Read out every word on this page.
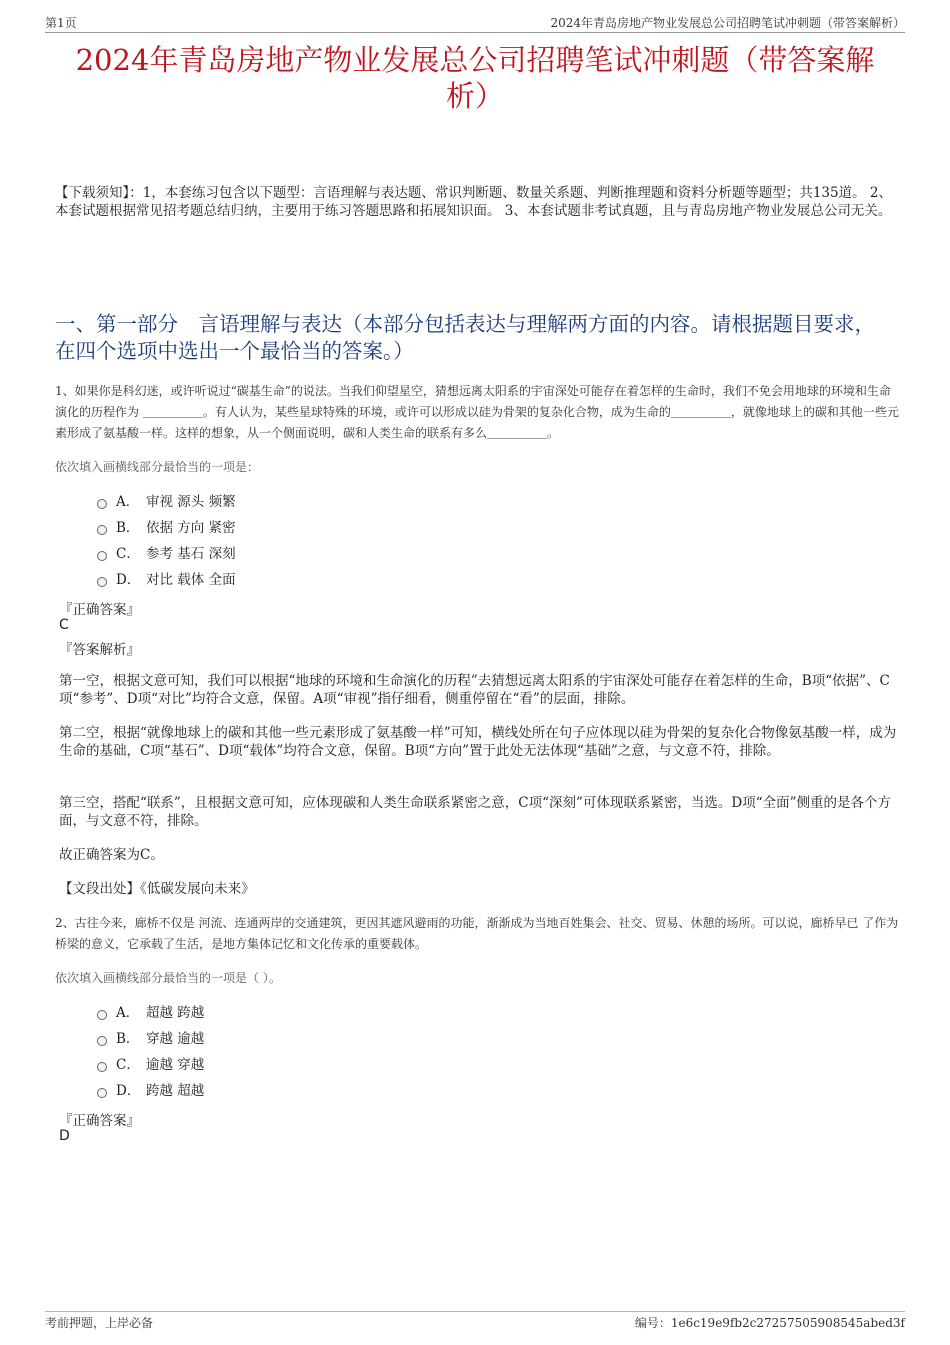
第1页	2024年青岛房地产物业发展总公司招聘笔试冲刺题（带答案解析）
2024年青岛房地产物业发展总公司招聘笔试冲刺题（带答案解析）
【下载须知】：1，本套练习包含以下题型：言语理解与表达题、常识判断题、数量关系题、判断推理题和资料分析题等题型；共135道。 2、本套试题根据常见招考题总结归纳，主要用于练习答题思路和拓展知识面。 3、本套试题非考试真题，且与青岛房地产物业发展总公司无关。
一、第一部分　言语理解与表达（本部分包括表达与理解两方面的内容。请根据题目要求，在四个选项中选出一个最恰当的答案。）
1、如果你是科幻迷，或许听说过“碳基生命”的说法。当我们仰望星空，猜想远离太阳系的宇宙深处可能存在着怎样的生命时，我们不免会用地球的环境和生命演化的历程作为 ＿＿＿＿＿。有人认为，某些星球特殊的环境，或许可以形成以硅为骨架的复杂化合物，成为生命的＿＿＿＿＿，就像地球上的碳和其他一些元素形成了氨基酸一样。这样的想象，从一个侧面说明，碳和人类生命的联系有多么＿＿＿＿＿。
依次填入画横线部分最恰当的一项是：
A． 审视 源头 频繁
B． 依据 方向 紧密
C． 参考 基石 深刻
D． 对比 载体 全面
『正确答案』
C
『答案解析』
第一空，根据文意可知，我们可以根据“地球的环境和生命演化的历程”去猜想远离太阳系的宇宙深处可能存在着怎样的生命，B项“依据”、C项“参考”、D项“对比”均符合文意，保留。A项“审视”指仔细看，侧重停留在“看”的层面，排除。
第二空，根据“就像地球上的碳和其他一些元素形成了氨基酸一样”可知，横线处所在句子应体现以硅为骨架的复杂化合物像氨基酸一样，成为生命的基础，C项“基石”、D项“载体”均符合文意，保留。B项“方向”置于此处无法体现“基础”之意，与文意不符，排除。
第三空，搭配“联系”，且根据文意可知，应体现碳和人类生命联系紧密之意，C项“深刻”可体现联系紧密，当选。D项“全面”侧重的是各个方面，与文意不符，排除。
故正确答案为C。
【文段出处】《低碳发展向未来》
2、古往今来，廊桥不仅是 河流、连通两岸的交通建筑，更因其遮风避雨的功能，渐渐成为当地百姓集会、社交、贸易、休憩的场所。可以说，廊桥早已 了作为桥梁的意义，它承载了生活，是地方集体记忆和文化传承的重要载体。
依次填入画横线部分最恰当的一项是（ ）。
A． 超越 跨越
B． 穿越 逾越
C． 逾越 穿越
D． 跨越 超越
『正确答案』
D
考前押题，上岸必备	编号：1e6c19e9fb2c27257505908545abed3f
